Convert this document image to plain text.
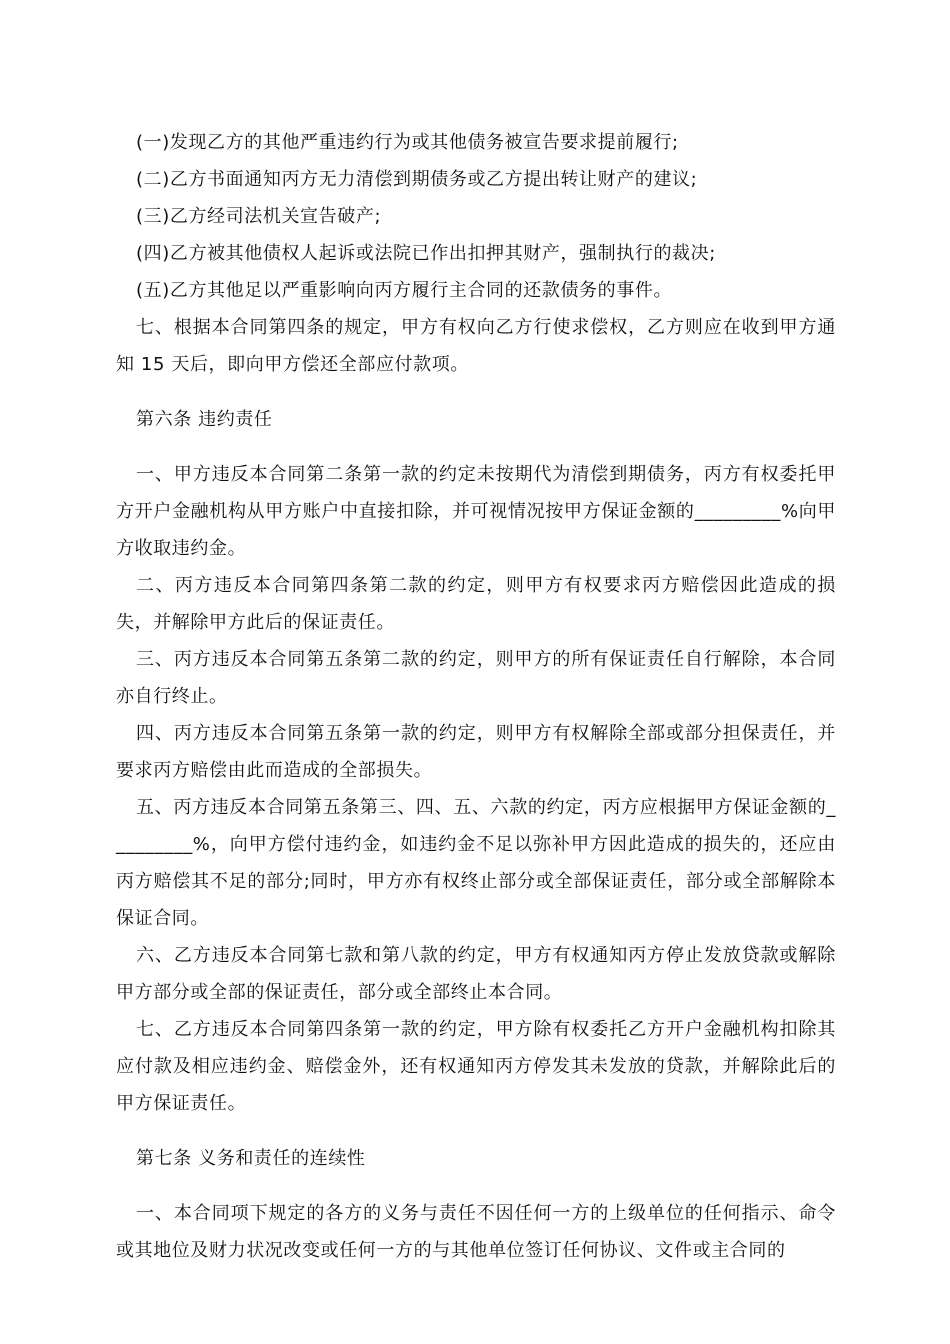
(一)发现乙方的其他严重违约行为或其他债务被宣告要求提前履行;

(二)乙方书面通知丙方无力清偿到期债务或乙方提出转让财产的建议;

(三)乙方经司法机关宣告破产;

(四)乙方被其他债权人起诉或法院已作出扣押其财产，强制执行的裁决;

(五)乙方其他足以严重影响向丙方履行主合同的还款债务的事件。

七、根据本合同第四条的规定，甲方有权向乙方行使求偿权，乙方则应在收到甲方通知 15 天后，即向甲方偿还全部应付款项。

第六条 违约责任

一、甲方违反本合同第二条第一款的约定未按期代为清偿到期债务，丙方有权委托甲方开户金融机构从甲方账户中直接扣除，并可视情况按甲方保证金额的_________%向甲方收取违约金。

二、丙方违反本合同第四条第二款的约定，则甲方有权要求丙方赔偿因此造成的损失，并解除甲方此后的保证责任。

三、丙方违反本合同第五条第二款的约定，则甲方的所有保证责任自行解除，本合同亦自行终止。

四、丙方违反本合同第五条第一款的约定，则甲方有权解除全部或部分担保责任，并要求丙方赔偿由此而造成的全部损失。

五、丙方违反本合同第五条第三、四、五、六款的约定，丙方应根据甲方保证金额的_________%，向甲方偿付违约金，如违约金不足以弥补甲方因此造成的损失的，还应由丙方赔偿其不足的部分;同时，甲方亦有权终止部分或全部保证责任，部分或全部解除本保证合同。

六、乙方违反本合同第七款和第八款的约定，甲方有权通知丙方停止发放贷款或解除甲方部分或全部的保证责任，部分或全部终止本合同。

七、乙方违反本合同第四条第一款的约定，甲方除有权委托乙方开户金融机构扣除其应付款及相应违约金、赔偿金外，还有权通知丙方停发其未发放的贷款，并解除此后的甲方保证责任。

第七条 义务和责任的连续性

一、本合同项下规定的各方的义务与责任不因任何一方的上级单位的任何指示、命令或其地位及财力状况改变或任何一方的与其他单位签订任何协议、文件或主合同的
